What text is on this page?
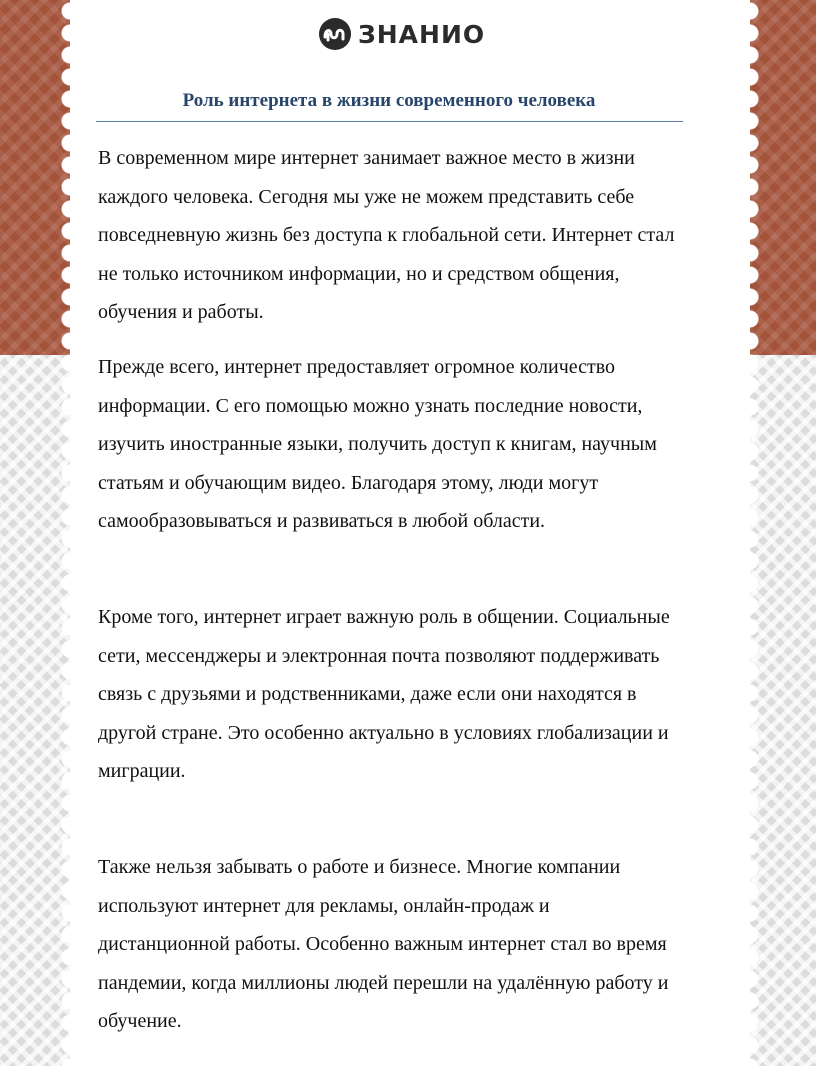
ЗНАНИО
Роль интернета в жизни современного человека

В современном мире интернет занимает важное место в жизни каждого человека. Сегодня мы уже не можем представить себе повседневную жизнь без доступа к глобальной сети. Интернет стал не только источником информации, но и средством общения, обучения и работы.

Прежде всего, интернет предоставляет огромное количество информации. С его помощью можно узнать последние новости, изучить иностранные языки, получить доступ к книгам, научным статьям и обучающим видео. Благодаря этому, люди могут самообразовываться и развиваться в любой области.

Кроме того, интернет играет важную роль в общении. Социальные сети, мессенджеры и электронная почта позволяют поддерживать связь с друзьями и родственниками, даже если они находятся в другой стране. Это особенно актуально в условиях глобализации и миграции.

Также нельзя забывать о работе и бизнесе. Многие компании используют интернет для рекламы, онлайн-продаж и дистанционной работы. Особенно важным интернет стал во время пандемии, когда миллионы людей перешли на удалённую работу и обучение.
